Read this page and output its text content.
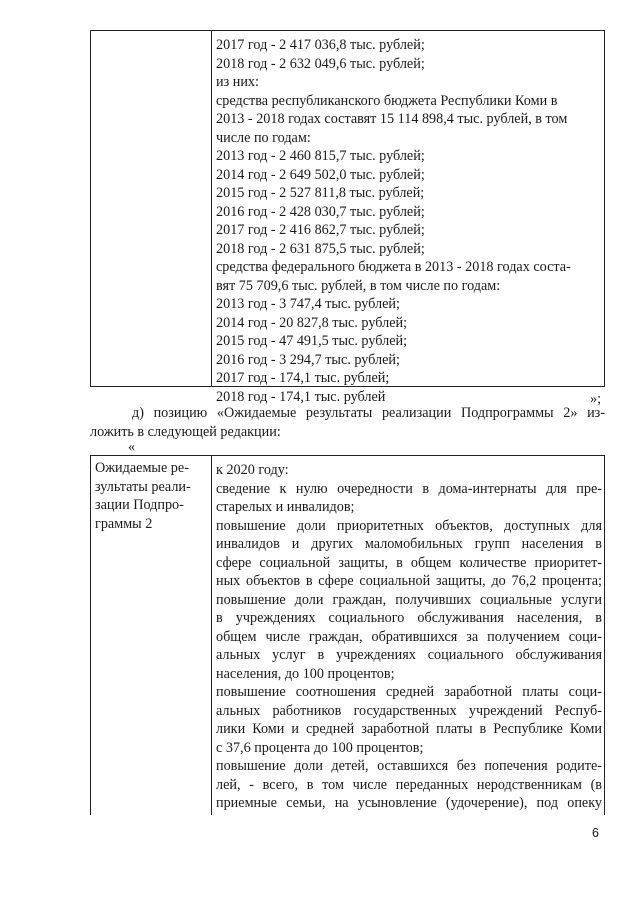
2017 год - 2 417 036,8 тыс. рублей;
2018 год - 2 632 049,6 тыс. рублей;
из них:
средства республиканского бюджета Республики Коми в
2013 - 2018 годах составят 15 114 898,4 тыс. рублей, в том
числе по годам:
2013 год - 2 460 815,7 тыс. рублей;
2014 год - 2 649 502,0 тыс. рублей;
2015 год - 2 527 811,8 тыс. рублей;
2016 год - 2 428 030,7 тыс. рублей;
2017 год - 2 416 862,7 тыс. рублей;
2018 год - 2 631 875,5 тыс. рублей;
средства федерального бюджета в 2013 - 2018 годах соста-
вят 75 709,6 тыс. рублей, в том числе по годам:
2013 год - 3 747,4 тыс. рублей;
2014 год - 20 827,8 тыс. рублей;
2015 год - 47 491,5 тыс. рублей;
2016 год - 3 294,7 тыс. рублей;
2017 год - 174,1 тыс. рублей;
2018 год - 174,1 тыс. рублей	»;
д) позицию «Ожидаемые результаты реализации Подпрограммы 2» из-
ложить в следующей редакции:
«
Ожидаемые ре-
зультаты реали-
зации Подпро-
граммы 2
к 2020 году:
сведение к нулю очередности в дома-интернаты для пре-
старелых и инвалидов;
повышение доли приоритетных объектов, доступных для
инвалидов и других маломобильных групп населения в
сфере социальной защиты, в общем количестве приоритет-
ных объектов в сфере социальной защиты, до 76,2 процента;
повышение доли граждан, получивших социальные услуги
в учреждениях социального обслуживания населения, в
общем числе граждан, обратившихся за получением соци-
альных услуг в учреждениях социального обслуживания
населения, до 100 процентов;
повышение соотношения средней заработной платы соци-
альных работников государственных учреждений Респуб-
лики Коми и средней заработной платы в Республике Коми
с 37,6 процента до 100 процентов;
повышение доли детей, оставшихся без попечения родите-
лей, - всего, в том числе переданных неродственникам (в
приемные семьи, на усыновление (удочерение), под опеку
6
